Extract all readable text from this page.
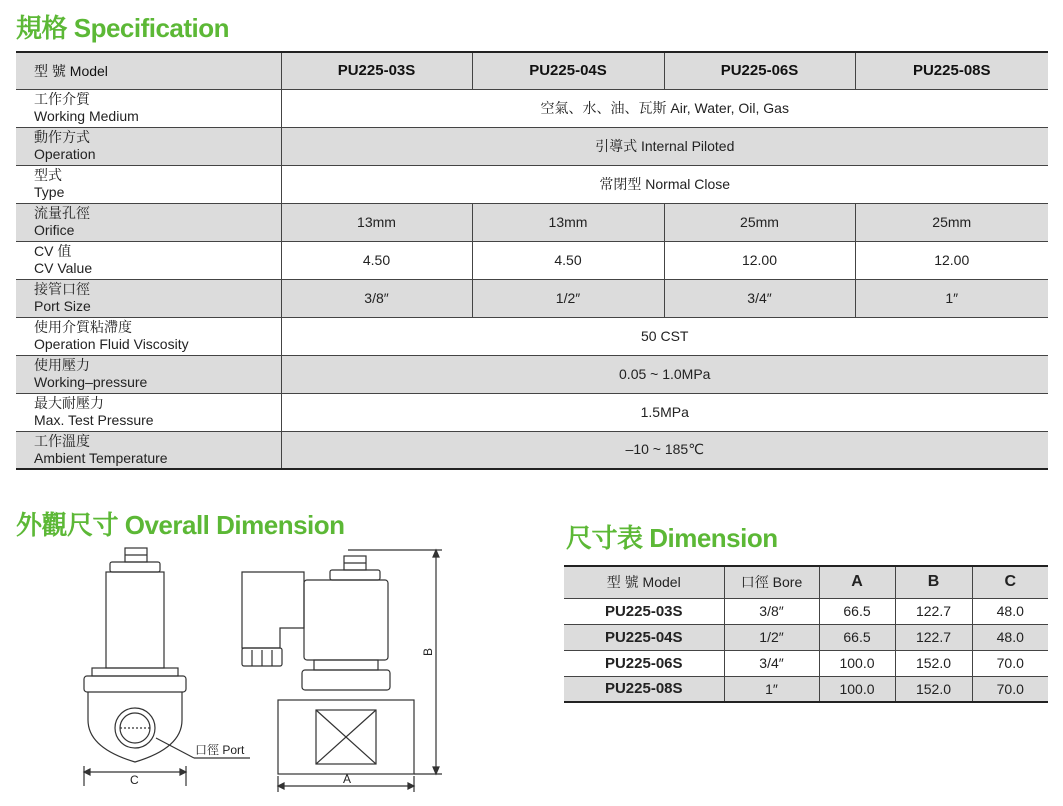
規格 Specification
型 號 Model	PU225-03S	PU225-04S	PU225-06S	PU225-08S
工作介質
Working Medium	空氣、水、油、瓦斯 Air, Water, Oil, Gas			
動作方式
Operation	引導式 Internal Piloted			
型式
Type	常閉型 Normal Close			
流量孔徑
Orifice	13mm	13mm	25mm	25mm
CV 值
CV Value	4.50	4.50	12.00	12.00
接管口徑
Port Size	3/8″	1/2″	3/4″	1″
使用介質粘滯度
Operation Fluid Viscosity	50 CST			
使用壓力
Working–pressure	0.05 ~ 1.0MPa			
最大耐壓力
Max. Test Pressure	1.5MPa			
工作溫度
Ambient Temperature	–10 ~ 185℃			
外觀尺寸 Overall Dimension	尺寸表 Dimension
口徑 Port
C
B
A
型 號 Model	口徑 Bore	A	B	C
PU225-03S	3/8″	66.5	122.7	48.0
PU225-04S	1/2″	66.5	122.7	48.0
PU225-06S	3/4″	100.0	152.0	70.0
PU225-08S	1″	100.0	152.0	70.0
